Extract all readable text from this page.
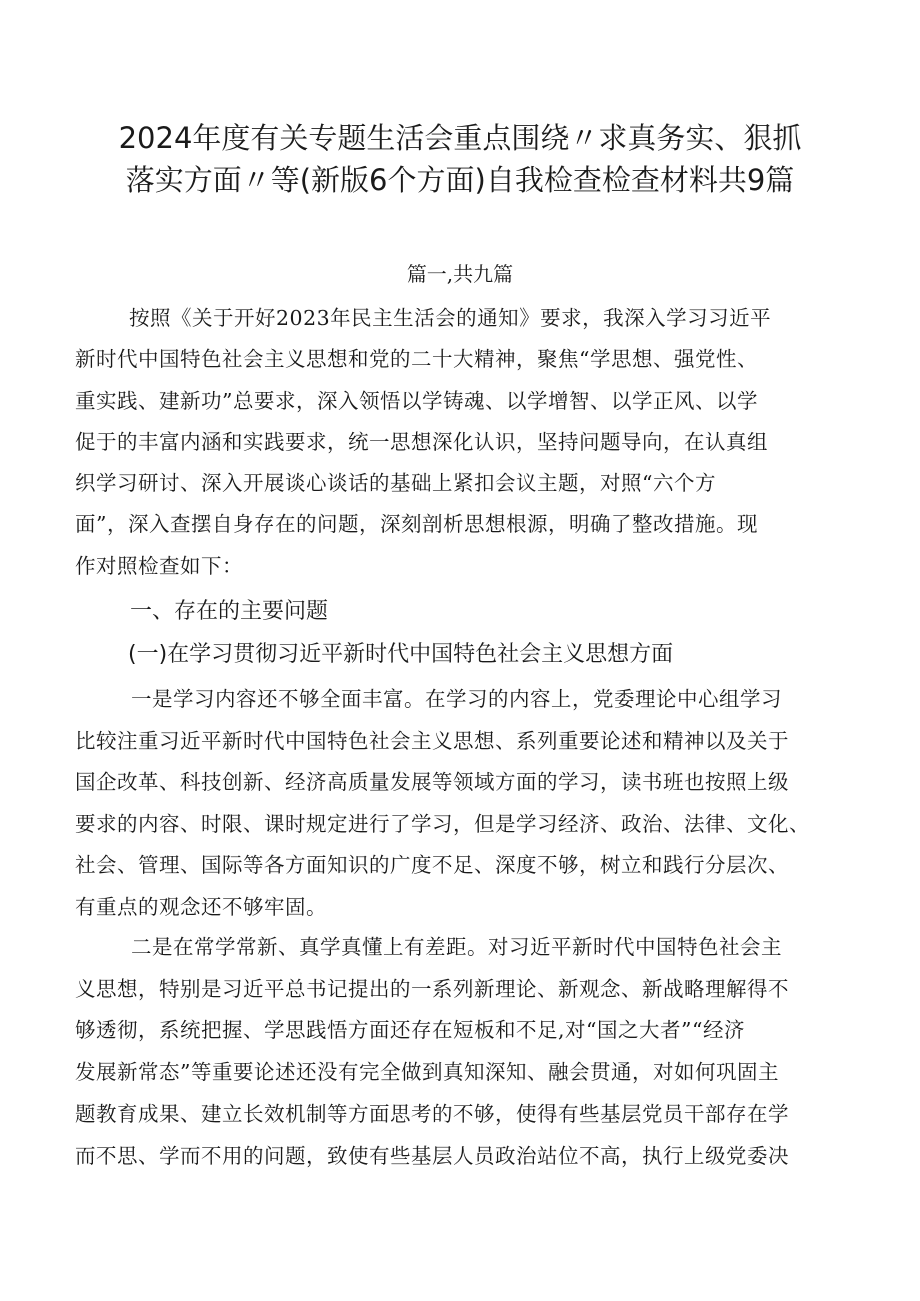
2024年度有关专题生活会重点围绕〃求真务实、狠抓
落实方面〃等(新版6个方面)自我检查检查材料共9篇

篇一,共九篇

按照《关于开好2023年民主生活会的通知》要求，我深入学习习近平
新时代中国特色社会主义思想和党的二十大精神，聚焦“学思想、强党性、
重实践、建新功”总要求，深入领悟以学铸魂、以学增智、以学正风、以学
促于的丰富内涵和实践要求，统一思想深化认识，坚持问题导向，在认真组
织学习研讨、深入开展谈心谈话的基础上紧扣会议主题，对照“六个方
面”，深入查摆自身存在的问题，深刻剖析思想根源，明确了整改措施。现
作对照检查如下：

一、存在的主要问题
(一)在学习贯彻习近平新时代中国特色社会主义思想方面

一是学习内容还不够全面丰富。在学习的内容上，党委理论中心组学习
比较注重习近平新时代中国特色社会主义思想、系列重要论述和精神以及关于
国企改革、科技创新、经济高质量发展等领域方面的学习，读书班也按照上级
要求的内容、时限、课时规定进行了学习，但是学习经济、政治、法律、文化、
社会、管理、国际等各方面知识的广度不足、深度不够，树立和践行分层次、
有重点的观念还不够牢固。

二是在常学常新、真学真懂上有差距。对习近平新时代中国特色社会主
义思想，特别是习近平总书记提出的一系列新理论、新观念、新战略理解得不
够透彻，系统把握、学思践悟方面还存在短板和不足,对“国之大者”“经济
发展新常态”等重要论述还没有完全做到真知深知、融会贯通，对如何巩固主
题教育成果、建立长效机制等方面思考的不够，使得有些基层党员干部存在学
而不思、学而不用的问题，致使有些基层人员政治站位不高，执行上级党委决
